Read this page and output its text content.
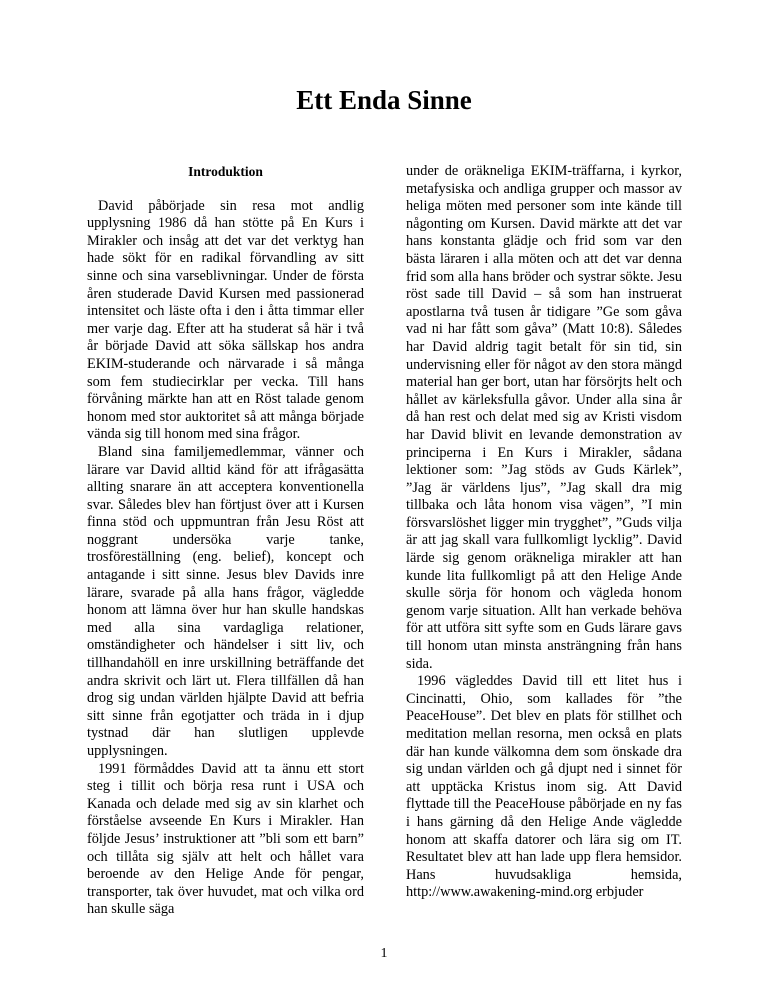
Ett Enda Sinne
Introduktion

David påbörjade sin resa mot andlig upplysning 1986 då han stötte på En Kurs i Mirakler och insåg att det var det verktyg han hade sökt för en radikal förvandling av sitt sinne och sina varseblivningar. Under de första åren studerade David Kursen med passionerad intensitet och läste ofta i den i åtta timmar eller mer varje dag. Efter att ha studerat så här i två år började David att söka sällskap hos andra EKIM-studerande och närvarade i så många som fem studiecirklar per vecka. Till hans förvåning märkte han att en Röst talade genom honom med stor auktoritet så att många började vända sig till honom med sina frågor.

Bland sina familjemedlemmar, vänner och lärare var David alltid känd för att ifrågasätta allting snarare än att acceptera konventionella svar. Således blev han förtjust över att i Kursen finna stöd och uppmuntran från Jesu Röst att noggrant undersöka varje tanke, trosföreställning (eng. belief), koncept och antagande i sitt sinne. Jesus blev Davids inre lärare, svarade på alla hans frågor, vägledde honom att lämna över hur han skulle handskas med alla sina vardagliga relationer, omständigheter och händelser i sitt liv, och tillhandahöll en inre urskillning beträffande det andra skrivit och lärt ut. Flera tillfällen då han drog sig undan världen hjälpte David att befria sitt sinne från egotjatter och träda in i djup tystnad där han slutligen upplevde upplysningen.

1991 förmåddes David att ta ännu ett stort steg i tillit och börja resa runt i USA och Kanada och delade med sig av sin klarhet och förståelse avseende En Kurs i Mirakler. Han följde Jesus’ instruktioner att ”bli som ett barn” och tillåta sig själv att helt och hållet vara beroende av den Helige Ande för pengar, transporter, tak över huvudet, mat och vilka ord han skulle säga

under de oräkneliga EKIM-träffarna, i kyrkor, metafysiska och andliga grupper och massor av heliga möten med personer som inte kände till någonting om Kursen. David märkte att det var hans konstanta glädje och frid som var den bästa läraren i alla möten och att det var denna frid som alla hans bröder och systrar sökte. Jesu röst sade till David – så som han instruerat apostlarna två tusen år tidigare ”Ge som gåva vad ni har fått som gåva” (Matt 10:8). Således har David aldrig tagit betalt för sin tid, sin undervisning eller för något av den stora mängd material han ger bort, utan har försörjts helt och hållet av kärleksfulla gåvor. Under alla sina år då han rest och delat med sig av Kristi visdom har David blivit en levande demonstration av principerna i En Kurs i Mirakler, sådana lektioner som: ”Jag stöds av Guds Kärlek”, ”Jag är världens ljus”, ”Jag skall dra mig tillbaka och låta honom visa vägen”, ”I min försvarslöshet ligger min trygghet”, ”Guds vilja är att jag skall vara fullkomligt lycklig”. David lärde sig genom oräkneliga mirakler att han kunde lita fullkomligt på att den Helige Ande skulle sörja för honom och vägleda honom genom varje situation. Allt han verkade behöva för att utföra sitt syfte som en Guds lärare gavs till honom utan minsta ansträngning från hans sida.

1996 vägleddes David till ett litet hus i Cincinatti, Ohio, som kallades för ”the PeaceHouse”. Det blev en plats för stillhet och meditation mellan resorna, men också en plats där han kunde välkomna dem som önskade dra sig undan världen och gå djupt ned i sinnet för att upptäcka Kristus inom sig. Att David flyttade till the PeaceHouse påbörjade en ny fas i hans gärning då den Helige Ande vägledde honom att skaffa datorer och lära sig om IT. Resultatet blev att han lade upp flera hemsidor. Hans huvudsakliga hemsida, http://www.awakening-mind.org erbjuder

1
